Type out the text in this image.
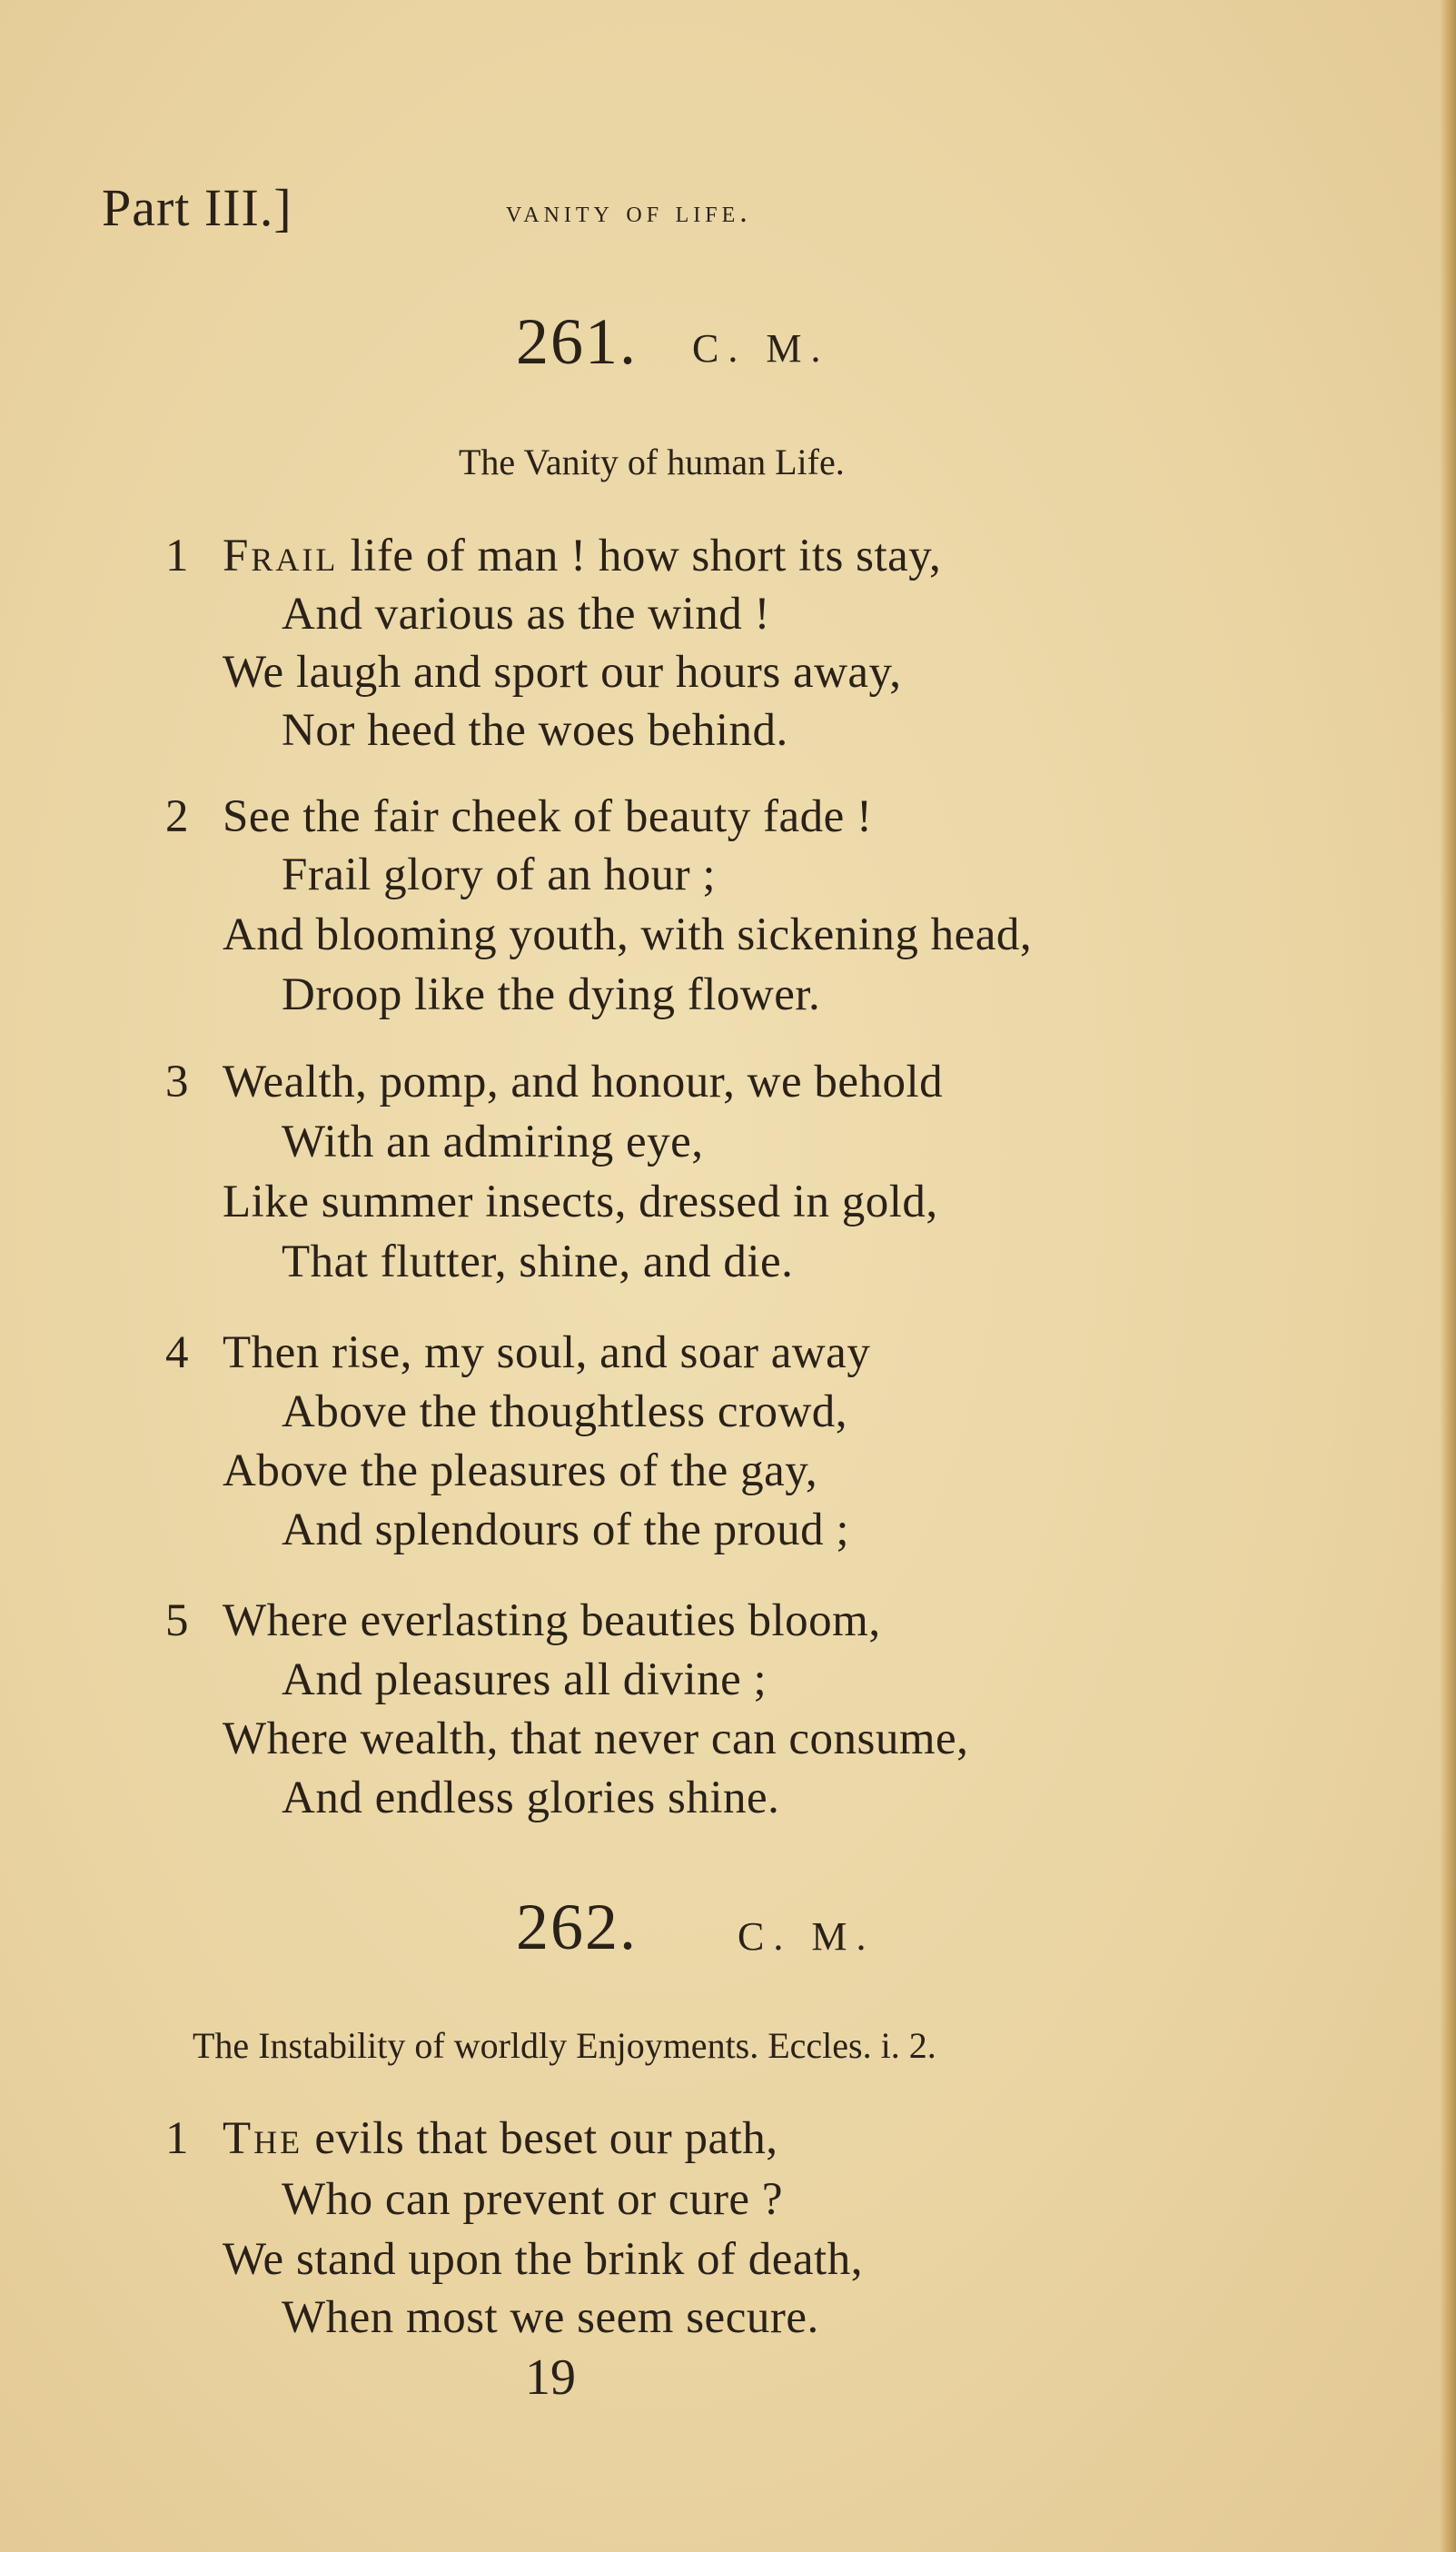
Part III.]	vanity of life.
261. C. M.
The Vanity of human Life.
1 Frail life of man ! how short its stay,
And various as the wind !
We laugh and sport our hours away,
Nor heed the woes behind.
2 See the fair cheek of beauty fade !
Frail glory of an hour ;
And blooming youth, with sickening head,
Droop like the dying flower.
3 Wealth, pomp, and honour, we behold
With an admiring eye,
Like summer insects, dressed in gold,
That flutter, shine, and die.
4 Then rise, my soul, and soar away
Above the thoughtless crowd,
Above the pleasures of the gay,
And splendours of the proud ;
5 Where everlasting beauties bloom,
And pleasures all divine ;
Where wealth, that never can consume,
And endless glories shine.
262.	C. M.
The Instability of worldly Enjoyments. Eccles. i. 2.
1 The evils that beset our path,
Who can prevent or cure ?
We stand upon the brink of death,
When most we seem secure.
19
